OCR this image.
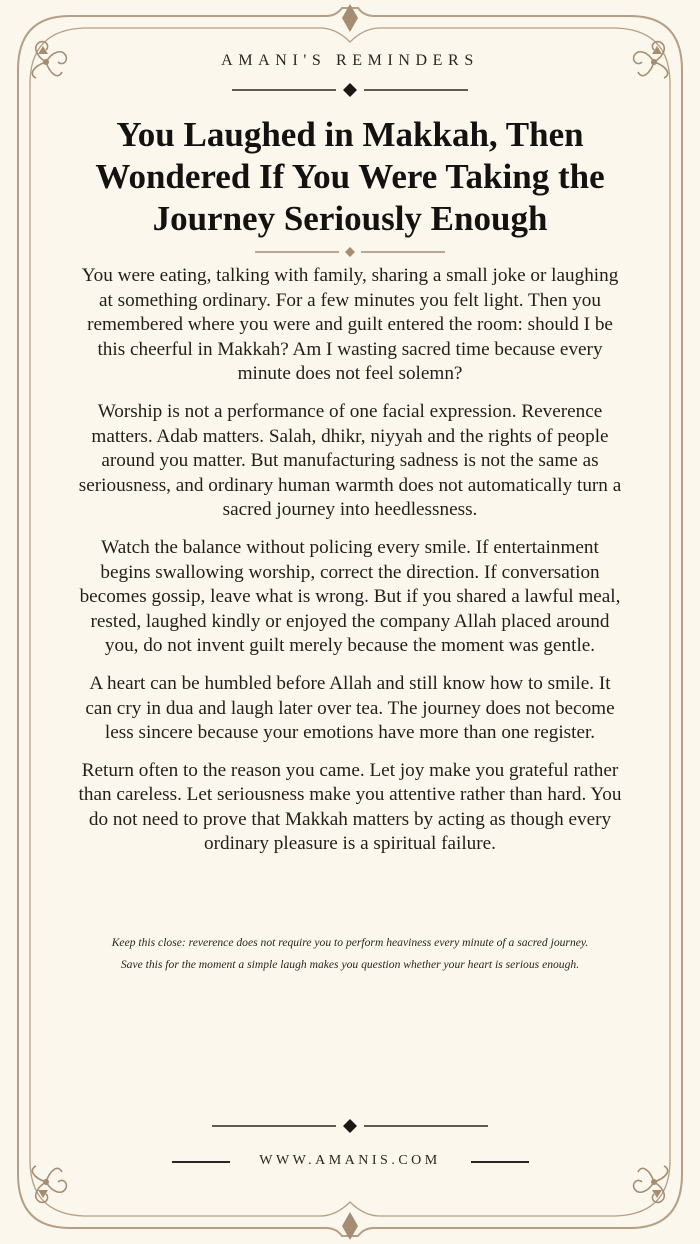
AMANI'S REMINDERS
You Laughed in Makkah, Then Wondered If You Were Taking the Journey Seriously Enough

You were eating, talking with family, sharing a small joke or laughing at something ordinary. For a few minutes you felt light. Then you remembered where you were and guilt entered the room: should I be this cheerful in Makkah? Am I wasting sacred time because every minute does not feel solemn?

Worship is not a performance of one facial expression. Reverence matters. Adab matters. Salah, dhikr, niyyah and the rights of people around you matter. But manufacturing sadness is not the same as seriousness, and ordinary human warmth does not automatically turn a sacred journey into heedlessness.

Watch the balance without policing every smile. If entertainment begins swallowing worship, correct the direction. If conversation becomes gossip, leave what is wrong. But if you shared a lawful meal, rested, laughed kindly or enjoyed the company Allah placed around you, do not invent guilt merely because the moment was gentle.

A heart can be humbled before Allah and still know how to smile. It can cry in dua and laugh later over tea. The journey does not become less sincere because your emotions have more than one register.

Return often to the reason you came. Let joy make you grateful rather than careless. Let seriousness make you attentive rather than hard. You do not need to prove that Makkah matters by acting as though every ordinary pleasure is a spiritual failure.

Keep this close: reverence does not require you to perform heaviness every minute of a sacred journey.

Save this for the moment a simple laugh makes you question whether your heart is serious enough.

WWW.AMANIS.COM
